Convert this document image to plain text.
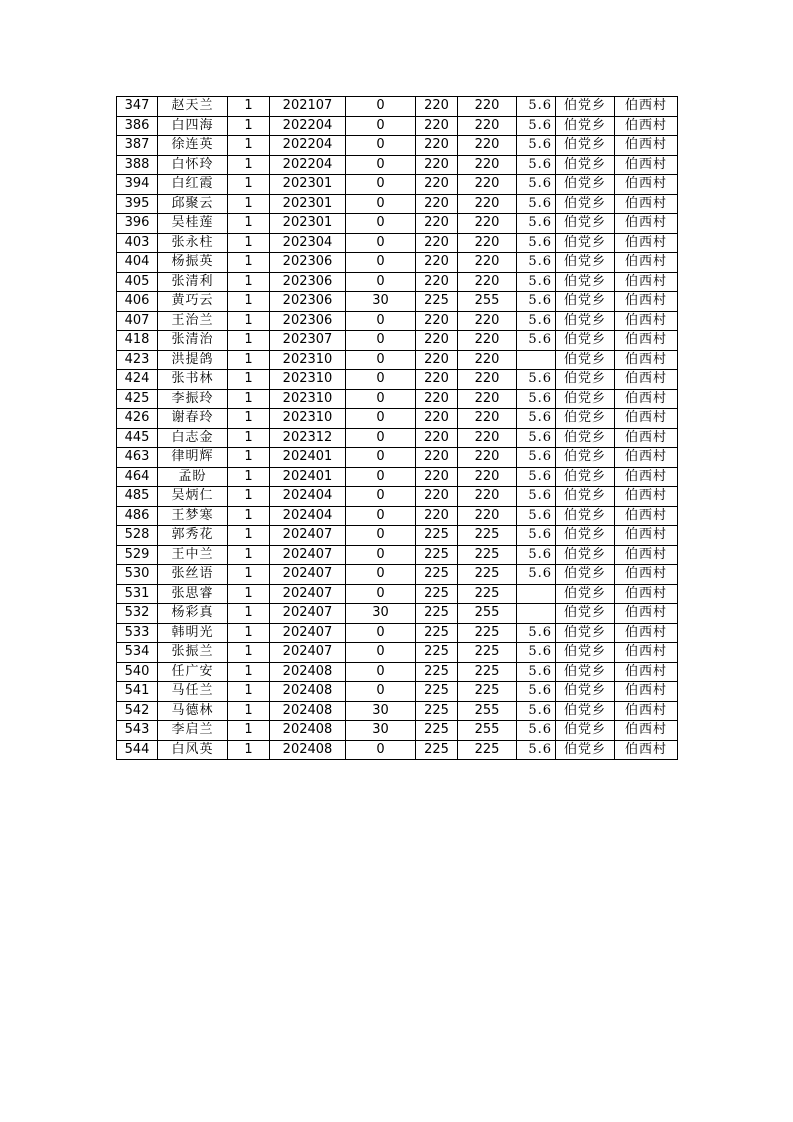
347	赵天兰	1	202107	0	220	220	5.6	伯党乡	伯西村
386	白四海	1	202204	0	220	220	5.6	伯党乡	伯西村
387	徐连英	1	202204	0	220	220	5.6	伯党乡	伯西村
388	白怀玲	1	202204	0	220	220	5.6	伯党乡	伯西村
394	白红霞	1	202301	0	220	220	5.6	伯党乡	伯西村
395	邱聚云	1	202301	0	220	220	5.6	伯党乡	伯西村
396	吴桂莲	1	202301	0	220	220	5.6	伯党乡	伯西村
403	张永柱	1	202304	0	220	220	5.6	伯党乡	伯西村
404	杨振英	1	202306	0	220	220	5.6	伯党乡	伯西村
405	张清利	1	202306	0	220	220	5.6	伯党乡	伯西村
406	黄巧云	1	202306	30	225	255	5.6	伯党乡	伯西村
407	王治兰	1	202306	0	220	220	5.6	伯党乡	伯西村
418	张清治	1	202307	0	220	220	5.6	伯党乡	伯西村
423	洪提鸽	1	202310	0	220	220		伯党乡	伯西村
424	张书林	1	202310	0	220	220	5.6	伯党乡	伯西村
425	李振玲	1	202310	0	220	220	5.6	伯党乡	伯西村
426	谢春玲	1	202310	0	220	220	5.6	伯党乡	伯西村
445	白志金	1	202312	0	220	220	5.6	伯党乡	伯西村
463	律明辉	1	202401	0	220	220	5.6	伯党乡	伯西村
464	孟盼	1	202401	0	220	220	5.6	伯党乡	伯西村
485	吴炳仁	1	202404	0	220	220	5.6	伯党乡	伯西村
486	王梦寒	1	202404	0	220	220	5.6	伯党乡	伯西村
528	郭秀花	1	202407	0	225	225	5.6	伯党乡	伯西村
529	王中兰	1	202407	0	225	225	5.6	伯党乡	伯西村
530	张丝语	1	202407	0	225	225	5.6	伯党乡	伯西村
531	张思睿	1	202407	0	225	225		伯党乡	伯西村
532	杨彩真	1	202407	30	225	255		伯党乡	伯西村
533	韩明光	1	202407	0	225	225	5.6	伯党乡	伯西村
534	张振兰	1	202407	0	225	225	5.6	伯党乡	伯西村
540	任广安	1	202408	0	225	225	5.6	伯党乡	伯西村
541	马任兰	1	202408	0	225	225	5.6	伯党乡	伯西村
542	马德林	1	202408	30	225	255	5.6	伯党乡	伯西村
543	李启兰	1	202408	30	225	255	5.6	伯党乡	伯西村
544	白风英	1	202408	0	225	225	5.6	伯党乡	伯西村
